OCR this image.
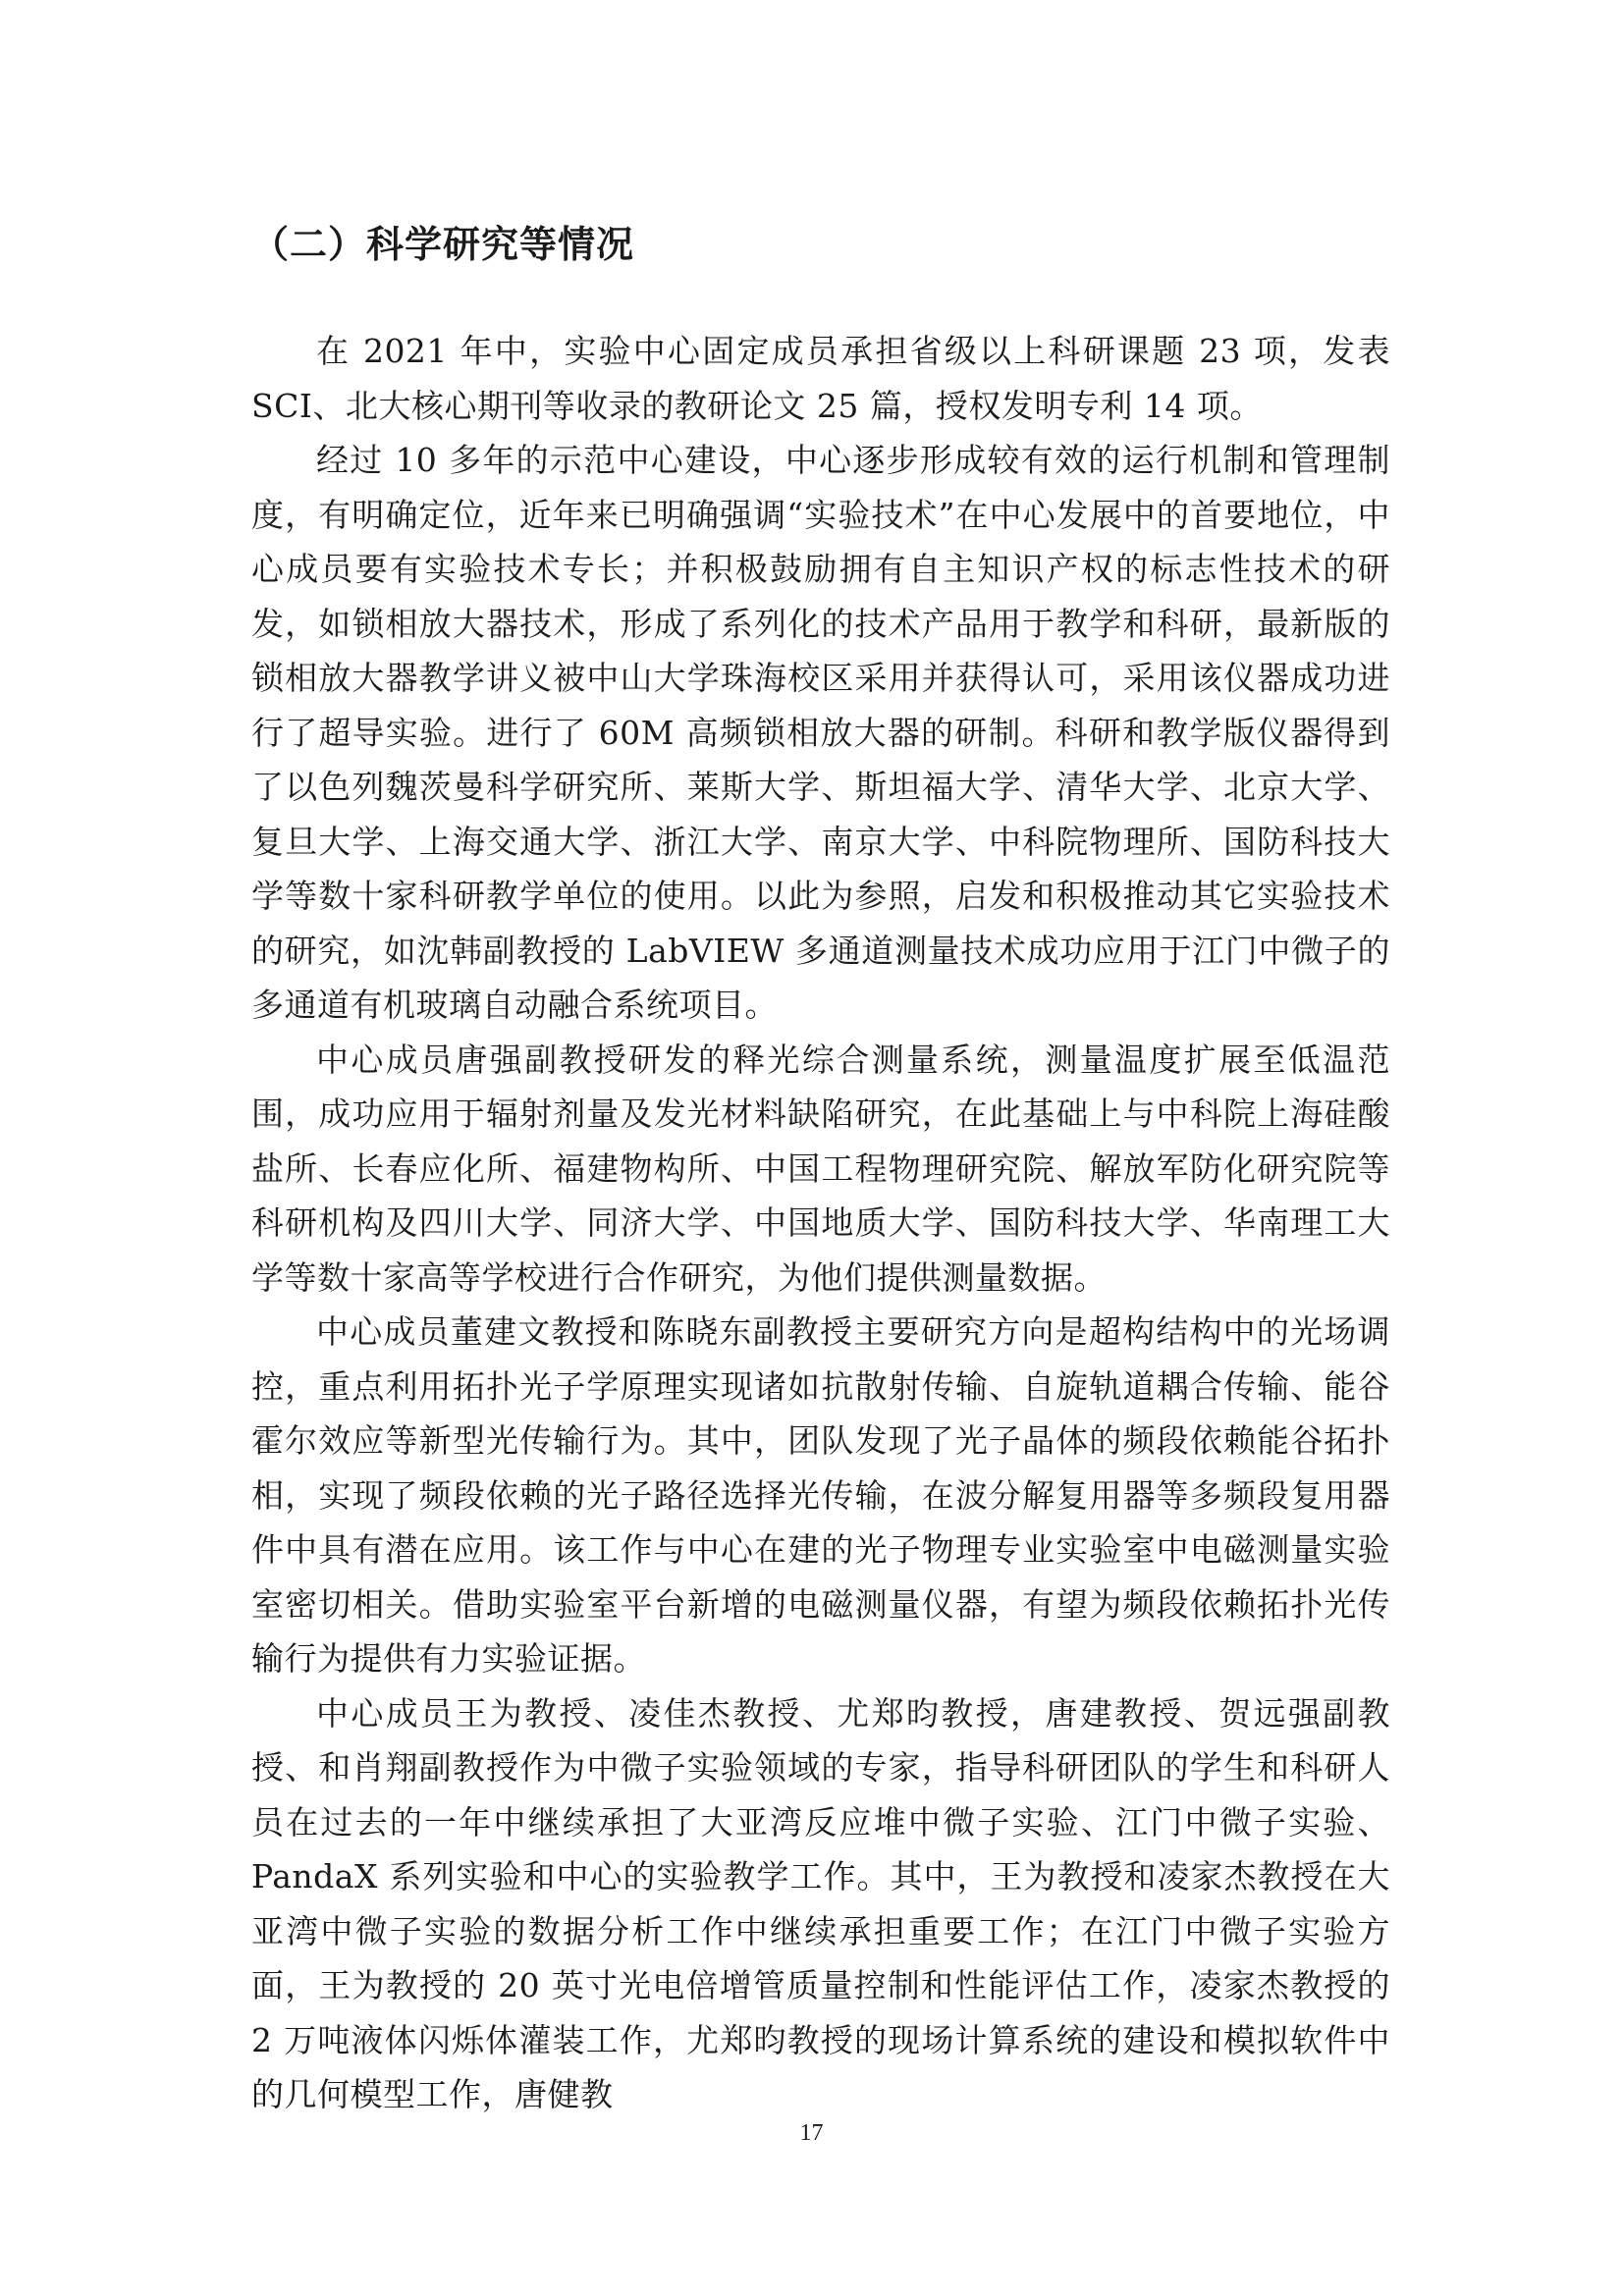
（二）科学研究等情况

在 2021 年中，实验中心固定成员承担省级以上科研课题 23 项，发表 SCI、北大核心期刊等收录的教研论文 25 篇，授权发明专利 14 项。

经过 10 多年的示范中心建设，中心逐步形成较有效的运行机制和管理制度，有明确定位，近年来已明确强调“实验技术”在中心发展中的首要地位，中心成员要有实验技术专长；并积极鼓励拥有自主知识产权的标志性技术的研发，如锁相放大器技术，形成了系列化的技术产品用于教学和科研，最新版的锁相放大器教学讲义被中山大学珠海校区采用并获得认可，采用该仪器成功进行了超导实验。进行了 60M 高频锁相放大器的研制。科研和教学版仪器得到了以色列魏茨曼科学研究所、莱斯大学、斯坦福大学、清华大学、北京大学、复旦大学、上海交通大学、浙江大学、南京大学、中科院物理所、国防科技大学等数十家科研教学单位的使用。以此为参照，启发和积极推动其它实验技术的研究，如沈韩副教授的 LabVIEW 多通道测量技术成功应用于江门中微子的多通道有机玻璃自动融合系统项目。

中心成员唐强副教授研发的释光综合测量系统，测量温度扩展至低温范围，成功应用于辐射剂量及发光材料缺陷研究，在此基础上与中科院上海硅酸盐所、长春应化所、福建物构所、中国工程物理研究院、解放军防化研究院等科研机构及四川大学、同济大学、中国地质大学、国防科技大学、华南理工大学等数十家高等学校进行合作研究，为他们提供测量数据。

中心成员董建文教授和陈晓东副教授主要研究方向是超构结构中的光场调控，重点利用拓扑光子学原理实现诸如抗散射传输、自旋轨道耦合传输、能谷霍尔效应等新型光传输行为。其中，团队发现了光子晶体的频段依赖能谷拓扑相，实现了频段依赖的光子路径选择光传输，在波分解复用器等多频段复用器件中具有潜在应用。该工作与中心在建的光子物理专业实验室中电磁测量实验室密切相关。借助实验室平台新增的电磁测量仪器，有望为频段依赖拓扑光传输行为提供有力实验证据。

中心成员王为教授、凌佳杰教授、尤郑昀教授，唐建教授、贺远强副教授、和肖翔副教授作为中微子实验领域的专家，指导科研团队的学生和科研人员在过去的一年中继续承担了大亚湾反应堆中微子实验、江门中微子实验、PandaX 系列实验和中心的实验教学工作。其中，王为教授和凌家杰教授在大亚湾中微子实验的数据分析工作中继续承担重要工作；在江门中微子实验方面，王为教授的 20 英寸光电倍增管质量控制和性能评估工作，凌家杰教授的 2 万吨液体闪烁体灌装工作，尤郑昀教授的现场计算系统的建设和模拟软件中的几何模型工作，唐健教

17
